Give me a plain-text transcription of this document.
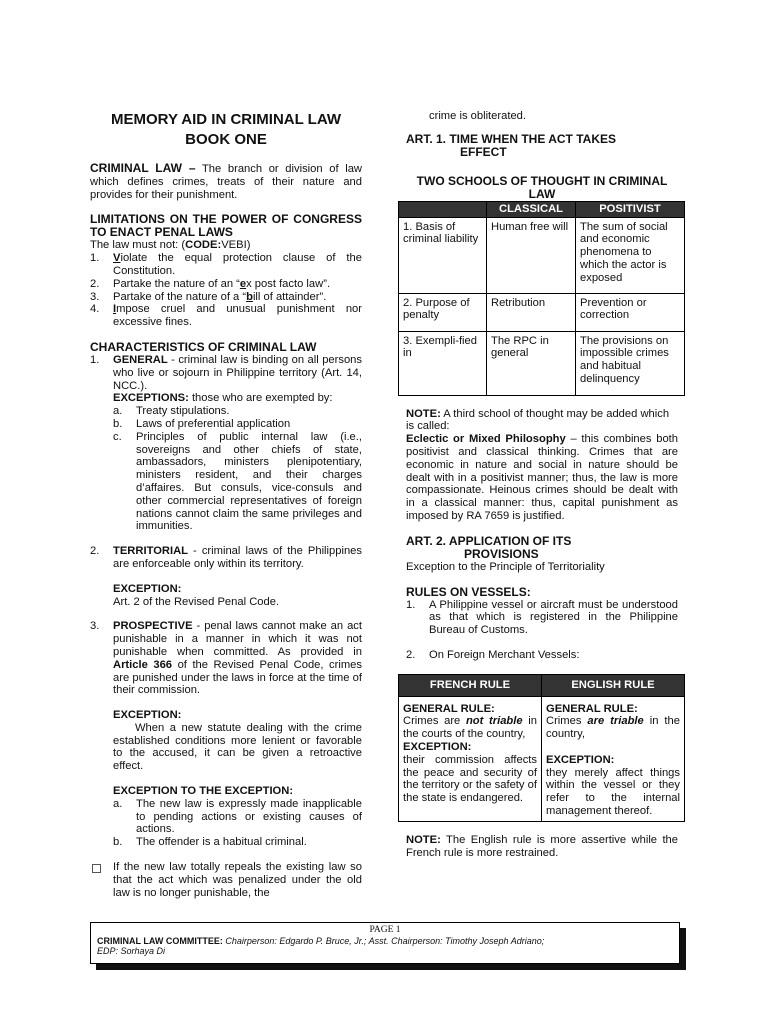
MEMORY AID IN CRIMINAL LAW
BOOK ONE
CRIMINAL LAW – The branch or division of law which defines crimes, treats of their nature and provides for their punishment.
LIMITATIONS ON THE POWER OF CONGRESS TO ENACT PENAL LAWS
The law must not: (CODE:VEBI)
1. Violate the equal protection clause of the Constitution.
2. Partake the nature of an “ex post facto law”.
3. Partake of the nature of a “bill of attainder”.
4. Impose cruel and unusual punishment nor excessive fines.
CHARACTERISTICS OF CRIMINAL LAW
1. GENERAL - criminal law is binding on all persons who live or sojourn in Philippine territory (Art. 14, NCC.).
EXCEPTIONS: those who are exempted by:
a. Treaty stipulations.
b. Laws of preferential application
c. Principles of public internal law (i.e., sovereigns and other chiefs of state, ambassadors, ministers plenipotentiary, ministers resident, and their charges d’affaires. But consuls, vice-consuls and other commercial representatives of foreign nations cannot claim the same privileges and immunities.
2. TERRITORIAL - criminal laws of the Philippines are enforceable only within its territory.
EXCEPTION:
Art. 2 of the Revised Penal Code.
3. PROSPECTIVE - penal laws cannot make an act punishable in a manner in which it was not punishable when committed. As provided in Article 366 of the Revised Penal Code, crimes are punished under the laws in force at the time of their commission.
EXCEPTION:
When a new statute dealing with the crime established conditions more lenient or favorable to the accused, it can be given a retroactive effect.
EXCEPTION TO THE EXCEPTION:
a. The new law is expressly made inapplicable to pending actions or existing causes of actions.
b. The offender is a habitual criminal.
If the new law totally repeals the existing law so that the act which was penalized under the old law is no longer punishable, the
crime is obliterated.
ART. 1. TIME WHEN THE ACT TAKES
EFFECT
TWO SCHOOLS OF THOUGHT IN CRIMINAL LAW
	CLASSICAL	POSITIVIST
1. Basis of criminal liability	Human free will	The sum of social and economic phenomena to which the actor is exposed
2. Purpose of penalty	Retribution	Prevention or correction
3. Exempli-fied in	The RPC in general	The provisions on impossible crimes and habitual delinquency
NOTE: A third school of thought may be added which is called:
Eclectic or Mixed Philosophy – this combines both positivist and classical thinking. Crimes that are economic in nature and social in nature should be dealt with in a positivist manner; thus, the law is more compassionate. Heinous crimes should be dealt with in a classical manner: thus, capital punishment as imposed by RA 7659 is justified.
ART. 2. APPLICATION OF ITS
PROVISIONS
Exception to the Principle of Territoriality
RULES ON VESSELS:
1. A Philippine vessel or aircraft must be understood as that which is registered in the Philippine Bureau of Customs.
2. On Foreign Merchant Vessels:
FRENCH RULE	ENGLISH RULE
GENERAL RULE:
Crimes are not triable in the courts of the country,
EXCEPTION:
their commission affects the peace and security of the territory or the safety of the state is endangered.	GENERAL RULE:
Crimes are triable in the country,

EXCEPTION:
they merely affect things within the vessel or they refer to the internal management thereof.
NOTE: The English rule is more assertive while the French rule is more restrained.
PAGE 1
CRIMINAL LAW COMMITTEE: Chairperson: Edgardo P. Bruce, Jr.; Asst. Chairperson: Timothy Joseph Adriano;
EDP: Sorhaya Di
